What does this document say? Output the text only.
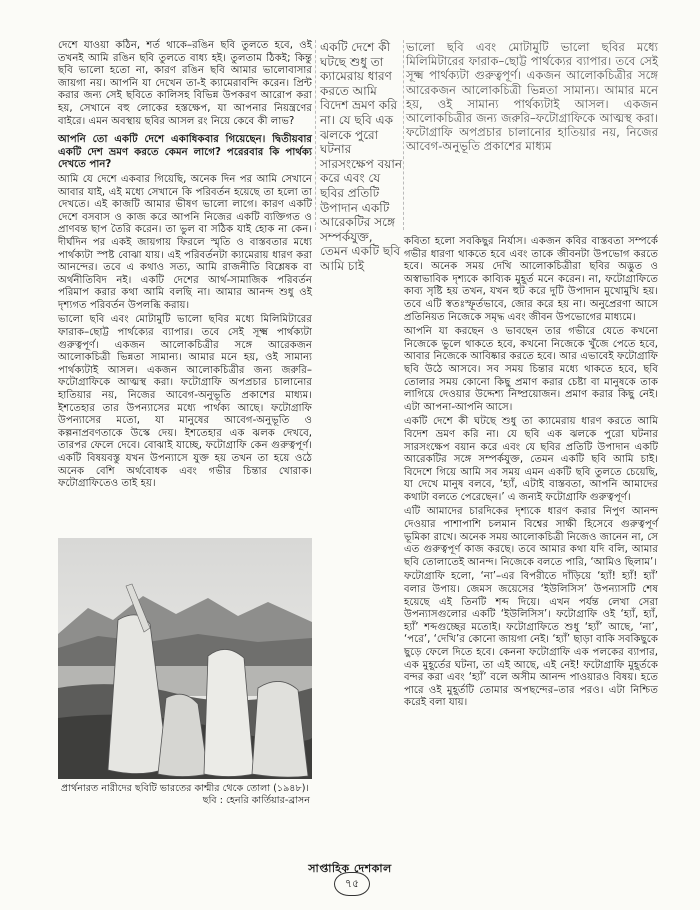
দেশে যাওয়া কঠিন, শর্ত থাকে–রঙিন ছবি তুলতে হবে, ওই তখনই আমি রঙিন ছবি তুলতে বাধ্য হই। তুলতাম ঠিকই; কিন্তু ছবি ভালো হতো না, কারণ রঙিন ছবি আমার ভালোবাসার জায়গা নয়। আপনি যা দেখেন তা-ই ক্যামেরাবন্দি করেন। প্রিন্ট করার জন্য সেই ছবিতে কালিসহ বিভিন্ন উপকরণ আরোপ করা হয়, সেখানে বহু লোকের হস্তক্ষেপ, যা আপনার নিয়ন্ত্রণের বাইরে। এমন অবস্থায় ছবির আসল রং নিয়ে কেবে কী লাভ?

আপনি তো একটি দেশে একাধিকবার গিয়েছেন। দ্বিতীয়বার একটি দেশ ভ্রমণ করতে কেমন লাগে? পরেরবার কি পার্থক্য দেখতে পান?

আমি যে দেশে একবার গিয়েছি, অনেক দিন পর আমি সেখানে আবার যাই, এই মধ্যে সেখানে কি পরিবর্তন হয়েছে তা হলো তা দেখতে। এই কাজটি আমার ভীষণ ভালো লাগে। কারণ একটি দেশে বসবাস ও কাজ করে আপনি নিজের একটি ব্যক্তিগত ও প্রাণবন্ত ছাপ তৈরি করেন। তা ভুল বা সঠিক যাই হোক না কেন। দীর্ঘদিন পর একই জায়গায় ফিরলে স্মৃতি ও বাস্তবতার মধ্যে পার্থক্যটা স্পষ্ট বোঝা যায়। এই পরিবর্তনটা ক্যামেরায় ধারণ করা আনন্দের। তবে এ কথাও সত্য, আমি রাজনীতি বিশ্লেষক বা অর্থনীতিবিদ নই। একটি দেশের আর্থ-সামাজিক পরিবর্তন পরিমাপ করার কথা আমি বলছি না। আমার আনন্দ শুধু ওই দৃশ্যগত পরিবর্তন উপলব্ধি করায়।

ভালো ছবি এবং মোটামুটি ভালো ছবির মধ্যে মিলিমিটারের ফারাক–ছোট্ট পার্থক্যের ব্যাপার। তবে সেই সূক্ষ্ম পার্থক্যটা গুরুত্বপূর্ণ। একজন আলোকচিত্রীর সঙ্গে আরেকজন আলোকচিত্রী ভিন্নতা সামান্য। আমার মনে হয়, ওই সামান্য পার্থক্যটাই আসল। একজন আলোকচিত্রীর জন্য জরুরি–ফটোগ্রাফিকে আত্মস্থ করা। ফটোগ্রাফি অপপ্রচার চালানোর হাতিয়ার নয়, নিজের আবেগ-অনুভূতি প্রকাশের মাধ্যম। ইশতেহার তার উপন্যাসের মধ্যে পার্থক্য আছে। ফটোগ্রাফি উপন্যাসের মতো, যা মানুষের আবেগ-অনুভূতি ও কল্পনাপ্রবণতাকে উস্কে দেয়। ইশতেহার এক ঝলক দেখবে, তারপর ফেলে দেবে। বোঝাই যাচ্ছে, ফটোগ্রাফি কেন গুরুত্বপূর্ণ। একটি বিষয়বস্তু যখন উপন্যাসে যুক্ত হয় তখন তা হয়ে ওঠে অনেক বেশি অর্থবোধক এবং গভীর চিন্তার খোরাক। ফটোগ্রাফিতেও তাই হয়।

একটি দেশে কী ঘটছে শুধু তা ক্যামেরায় ধারণ করতে আমি বিদেশ ভ্রমণ করি না। যে ছবি এক ঝলকে পুরো ঘটনার সারসংক্ষেপ বয়ান করে এবং যে ছবির প্রতিটি উপাদান একটি আরেকটির সঙ্গে সম্পর্কযুক্ত, তেমন একটি ছবি আমি চাই
ভালো ছবি এবং মোটামুটি ভালো ছবির মধ্যে মিলিমিটারের ফারাক–ছোট্ট পার্থক্যের ব্যাপার। তবে সেই সূক্ষ্ম পার্থক্যটা গুরুত্বপূর্ণ। একজন আলোকচিত্রীর সঙ্গে আরেকজন আলোকচিত্রী ভিন্নতা সামান্য। আমার মনে হয়, ওই সামান্য পার্থক্যটাই আসল। একজন আলোকচিত্রীর জন্য জরুরি–ফটোগ্রাফিকে আত্মস্থ করা। ফটোগ্রাফি অপপ্রচার চালানোর হাতিয়ার নয়, নিজের আবেগ-অনুভূতি প্রকাশের মাধ্যম

কবিতা হলো সবকিছুর নির্যাস। একজন কবির বাস্তবতা সম্পর্কে গভীর ধারণা থাকতে হবে এবং তাকে জীবনটা উপভোগ করতে হবে। অনেক সময় দেখি আলোকচিত্রীরা ছবির অদ্ভুত ও অস্বাভাবিক দৃশ্যকে কাব্যিক মুহূর্ত মনে করেন। না, ফটোগ্রাফিতে কাব্য সৃষ্টি হয় তখন, যখন হুট করে দুটি উপাদান মুখোমুখি হয়। তবে এটি স্বতঃস্ফূর্তভাবে, জোর করে হয় না। অনুপ্রেরণা আসে প্রতিনিয়ত নিজেকে সমৃদ্ধ এবং জীবন উপভোগের মাধ্যমে।

আপনি যা করছেন ও ভাবছেন তার গভীরে যেতে কখনো নিজেকে ভুলে থাকতে হবে, কখনো নিজেকে খুঁজে পেতে হবে, আবার নিজেকে আবিষ্কার করতে হবে। আর এভাবেই ফটোগ্রাফি ছবি উঠে আসবে। সব সময় চিন্তার মধ্যে থাকতে হবে, ছবি তোলার সময় কোনো কিছু প্রমাণ করার চেষ্টা বা মানুষকে তাক লাগিয়ে দেওয়ার উদ্দেশ্য নিষ্প্রয়োজন। প্রমাণ করার কিছু নেই। এটা আপনা-আপনি আসে।

একটি দেশে কী ঘটছে শুধু তা ক্যামেরায় ধারণ করতে আমি বিদেশ ভ্রমণ করি না। যে ছবি এক ঝলকে পুরো ঘটনার সারসংক্ষেপ বয়ান করে এবং যে ছবির প্রতিটি উপাদান একটি আরেকটির সঙ্গে সম্পর্কযুক্ত, তেমন একটি ছবি আমি চাই। বিদেশে গিয়ে আমি সব সময় এমন একটি ছবি তুলতে চেয়েছি, যা দেখে মানুষ বলবে, ‘হ্যাঁ, এটাই বাস্তবতা, আপনি আমাদের কথাটা বলতে পেরেছেন।’ এ জন্যই ফটোগ্রাফি গুরুত্বপূর্ণ।

এটি আমাদের চারদিকের দৃশ্যকে ধারণ করার নিপুণ আনন্দ দেওয়ার পাশাপাশি চলমান বিশ্বের সাক্ষী হিসেবে গুরুত্বপূর্ণ ভূমিকা রাখে। অনেক সময় আলোকচিত্রী নিজেও জানেন না, সে এত গুরুত্বপূর্ণ কাজ করছে। তবে আমার কথা যদি বলি, আমার ছবি তোলাতেই আনন্দ। নিজেকে বলতে পারি, ‘আমিও ছিলাম’।

ফটোগ্রাফি হলো, ‘না’–এর বিপরীতে দাঁড়িয়ে ‘হ্যাঁ! হ্যাঁ! হ্যাঁ’ বলার উপায়। জেমস জয়েসের ‘ইউলিসিস’ উপন্যাসটি শেষ হয়েছে এই তিনটি শব্দ দিয়ে। এখন পর্যন্ত লেখা সেরা উপন্যাসগুলোর একটি ‘ইউলিসিস’। ফটোগ্রাফি ওই ‘হ্যাঁ, হ্যাঁ, হ্যাঁ’ শব্দগুচ্ছের মতোই। ফটোগ্রাফিতে শুধু ‘হ্যাঁ’ আছে, ‘না’, ‘পরে’, ‘দেখি’র কোনো জায়গা নেই। ‘হ্যাঁ’ ছাড়া বাকি সবকিছুকে ছুড়ে ফেলে দিতে হবে। কেননা ফটোগ্রাফি এক পলকের ব্যাপার, এক মুহূর্তের ঘটনা, তা এই আছে, এই নেই! ফটোগ্রাফি মুহূর্তকে বন্দর করা এবং ‘হ্যাঁ’ বলে অসীম আনন্দ পাওয়ারও বিষয়। হতে পারে ওই মুহূর্তটি তোমার অপছন্দের–তার পরও। এটা নিশ্চিত করেই বলা যায়।

প্রার্থনারত নারীদের ছবিটি ভারতের কাশ্মীর থেকে তোলা (১৯৪৮)।
ছবি : হেনরি কার্তিয়ার-ব্রাসন
সাপ্তাহিক দেশকাল
৭৫
